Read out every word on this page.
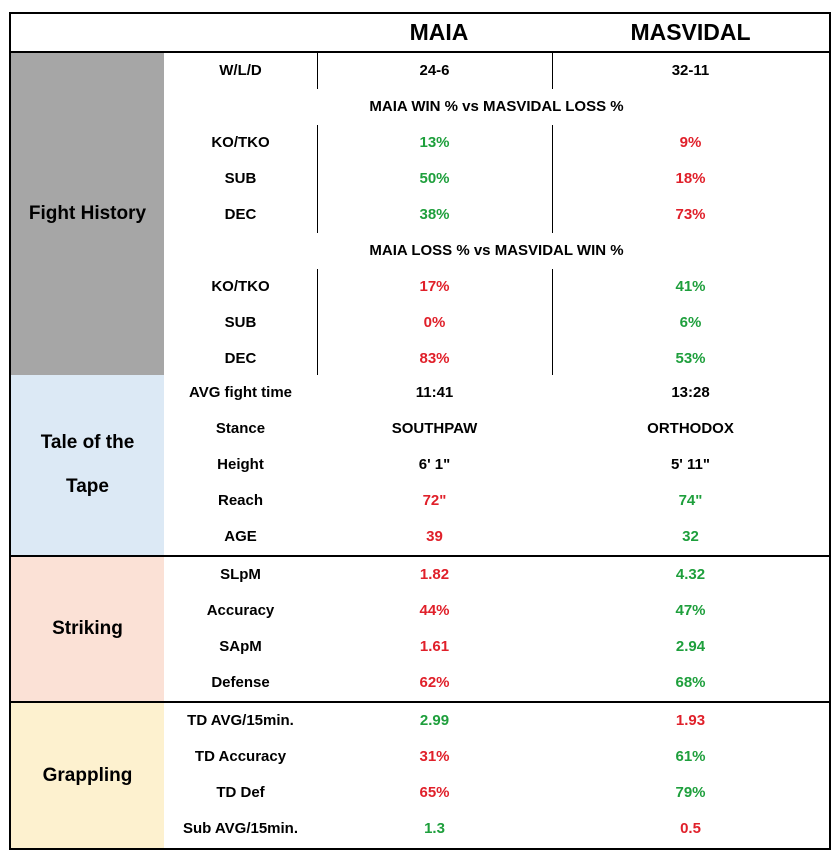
MAIA	MASVIDAL
Fight History
W/L/D	24-6	32-11
MAIA WIN % vs MASVIDAL LOSS %
KO/TKO	13%	9%
SUB	50%	18%
DEC	38%	73%
MAIA LOSS % vs MASVIDAL WIN %
KO/TKO	17%	41%
SUB	0%	6%
DEC	83%	53%
Tale of the Tape
AVG fight time	11:41	13:28
Stance	SOUTHPAW	ORTHODOX
Height	6' 1"	5' 11"
Reach	72"	74"
AGE	39	32
Striking
SLpM	1.82	4.32
Accuracy	44%	47%
SApM	1.61	2.94
Defense	62%	68%
Grappling
TD AVG/15min.	2.99	1.93
TD Accuracy	31%	61%
TD Def	65%	79%
Sub AVG/15min.	1.3	0.5
